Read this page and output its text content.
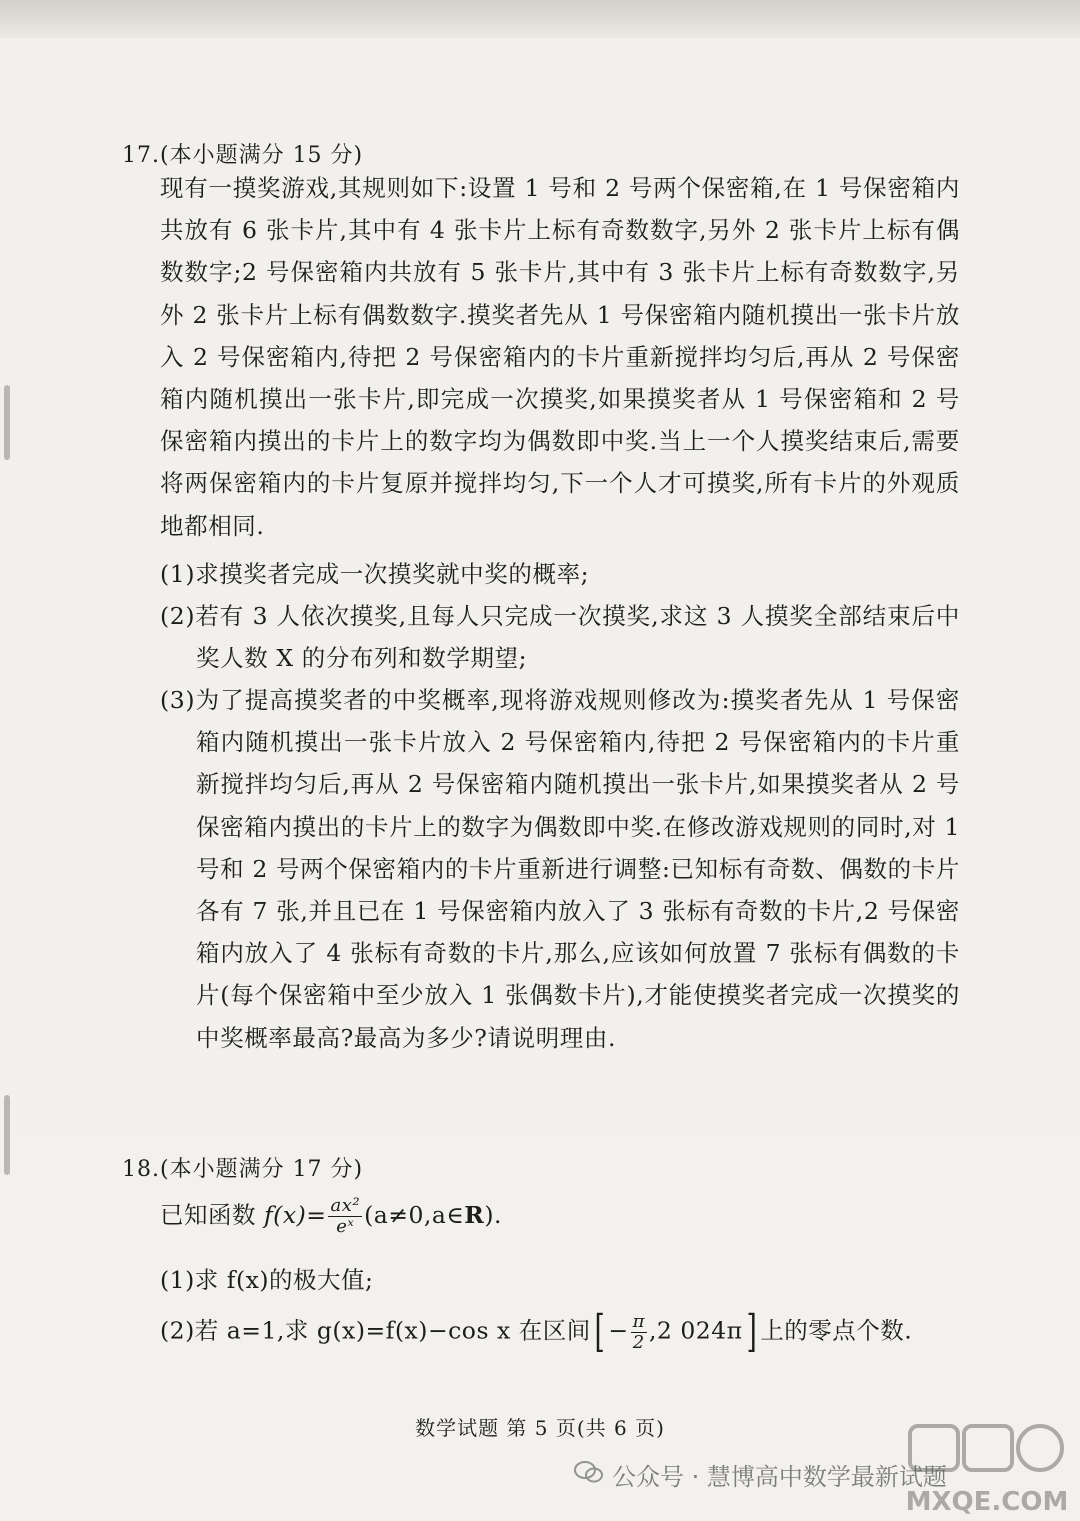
17.(本小题满分 15 分)
现有一摸奖游戏,其规则如下:设置 1 号和 2 号两个保密箱,在 1 号保密箱内共放有 6 张卡片,其中有 4 张卡片上标有奇数数字,另外 2 张卡片上标有偶数数字;2 号保密箱内共放有 5 张卡片,其中有 3 张卡片上标有奇数数字,另外 2 张卡片上标有偶数数字.摸奖者先从 1 号保密箱内随机摸出一张卡片放入 2 号保密箱内,待把 2 号保密箱内的卡片重新搅拌均匀后,再从 2 号保密箱内随机摸出一张卡片,即完成一次摸奖,如果摸奖者从 1 号保密箱和 2 号保密箱内摸出的卡片上的数字均为偶数即中奖.当上一个人摸奖结束后,需要将两保密箱内的卡片复原并搅拌均匀,下一个人才可摸奖,所有卡片的外观质地都相同.
(1)求摸奖者完成一次摸奖就中奖的概率;
(2)若有 3 人依次摸奖,且每人只完成一次摸奖,求这 3 人摸奖全部结束后中奖人数 X 的分布列和数学期望;
(3)为了提高摸奖者的中奖概率,现将游戏规则修改为:摸奖者先从 1 号保密箱内随机摸出一张卡片放入 2 号保密箱内,待把 2 号保密箱内的卡片重新搅拌均匀后,再从 2 号保密箱内随机摸出一张卡片,如果摸奖者从 2 号保密箱内摸出的卡片上的数字为偶数即中奖.在修改游戏规则的同时,对 1 号和 2 号两个保密箱内的卡片重新进行调整:已知标有奇数、偶数的卡片各有 7 张,并且已在 1 号保密箱内放入了 3 张标有奇数的卡片,2 号保密箱内放入了 4 张标有奇数的卡片,那么,应该如何放置 7 张标有偶数的卡片(每个保密箱中至少放入 1 张偶数卡片),才能使摸奖者完成一次摸奖的中奖概率最高?最高为多少?请说明理由.
18.(本小题满分 17 分)
已知函数 $f(x)= \frac{\text{ax²}}{\text{eˣ}}$ (a≠0,a∈R).
(1)求 f(x)的极大值;
(2)若 a=1,求 g(x)=f(x)−cos x 在区间[ − $\frac{\pi}{2} ,2$ 024π] 上的零点个数.
数学试题 第 5 页(共 6 页)
公众号 · 慧博高中数学最新试题
MXQE.COM
